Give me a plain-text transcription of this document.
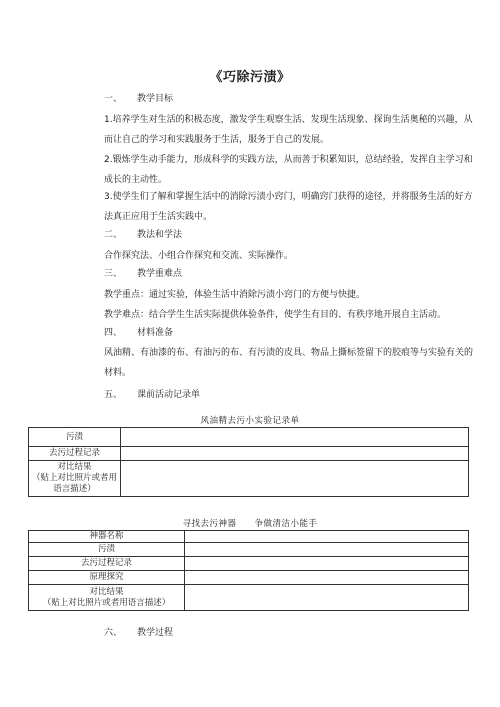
《巧除污渍》
一、 教学目标
1.培养学生对生活的积极态度，激发学生观察生活、发现生活现象、探询生活奥秘的兴趣，从而让自己的学习和实践服务于生活，服务于自己的发展。
2.锻炼学生动手能力，形成科学的实践方法，从而善于积累知识，总结经验，发挥自主学习和成长的主动性。
3.使学生们了解和掌握生活中的消除污渍小窍门，明确窍门获得的途径，并将服务生活的好方法真正应用于生活实践中。
二、 教法和学法
合作探究法、小组合作探究和交流、实际操作。
三、 教学重难点
教学重点：通过实验，体验生活中消除污渍小窍门的方便与快捷。
教学难点：结合学生生活实际提供体验条件，使学生有目的、有秩序地开展自主活动。
四、 材料准备
风油精、有油漆的布、有油污的布、有污渍的皮具、物品上撕标签留下的胶痕等与实验有关的材料。
五、 课前活动记录单
风油精去污小实验记录单
污渍	
去污过程记录	
对比结果
（贴上对比照片或者用语言描述）	
寻找去污神器　　争做清洁小能手
神器名称	
污渍	
去污过程记录	
原理探究	
对比结果
（贴上对比照片或者用语言描述）	
六、 教学过程
